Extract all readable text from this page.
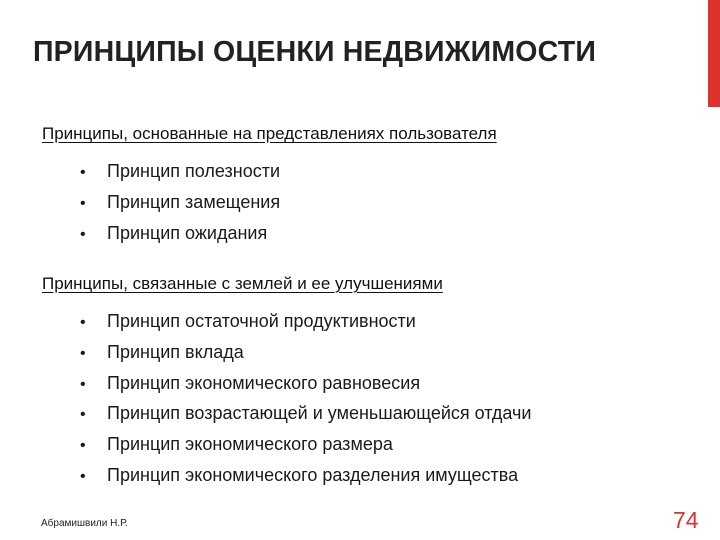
ПРИНЦИПЫ ОЦЕНКИ НЕДВИЖИМОСТИ
Принципы, основанные на представлениях пользователя
•	Принцип полезности
•	Принцип замещения
•	Принцип ожидания
Принципы, связанные с землей и ее улучшениями
•	Принцип остаточной продуктивности
•	Принцип вклада
•	Принцип экономического равновесия
•	Принцип возрастающей и уменьшающейся отдачи
•	Принцип экономического размера
•	Принцип экономического разделения имущества
Абрамишвили Н.Р.	74
